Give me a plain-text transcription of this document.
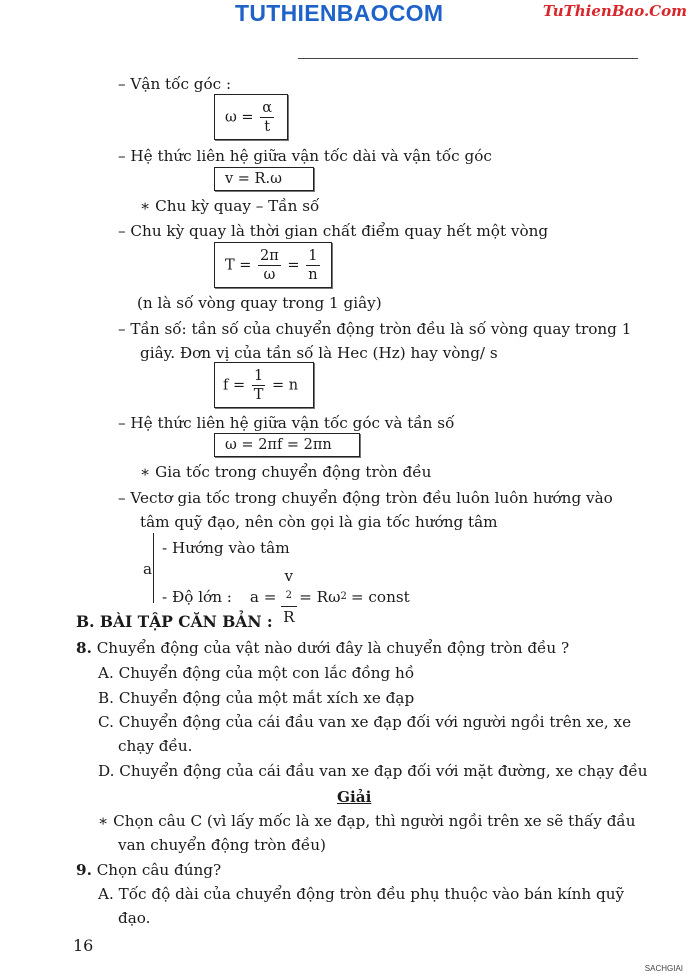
TUTHIENBAOCOM	TuThienBao.Com
– Vận tốc góc :
$\omega = \frac{\alpha}{t}$
– Hệ thức liên hệ giữa vận tốc dài và vận tốc góc
v = R.ω
∗ Chu kỳ quay – Tần số
– Chu kỳ quay là thời gian chất điểm quay hết một vòng
$T = \frac{2\pi}{\omega} = \frac{1}{n}$
(n là số vòng quay trong 1 giây)
– Tần số: tần số của chuyển động tròn đều là số vòng quay trong 1
giây. Đơn vị của tần số là Hec (Hz) hay vòng/ s
$f = \frac{1}{T} = n$
– Hệ thức liên hệ giữa vận tốc góc và tần số
ω = 2πf = 2πn
∗ Gia tốc trong chuyển động tròn đều
– Vectơ gia tốc trong chuyển động tròn đều luôn luôn hướng vào
tâm quỹ đạo, nên còn gọi là gia tốc hướng tâm
a
- Hướng vào tâm
- Độ lớn : a = v
2
R = Rω 2 = const
B. BÀI TẬP CĂN BẢN :
8. Chuyển động của vật nào dưới đây là chuyển động tròn đều ?
A. Chuyển động của một con lắc đồng hồ
B. Chuyển động của một mắt xích xe đạp
C. Chuyển động của cái đầu van xe đạp đối với người ngồi trên xe, xe
chạy đều.
D. Chuyển động của cái đầu van xe đạp đối với mặt đường, xe chạy đều
Giải
∗ Chọn câu C (vì lấy mốc là xe đạp, thì người ngồi trên xe sẽ thấy đầu
van chuyển động tròn đều)
9. Chọn câu đúng?
A. Tốc độ dài của chuyển động tròn đều phụ thuộc vào bán kính quỹ
đạo.
16
SACHGIAI
